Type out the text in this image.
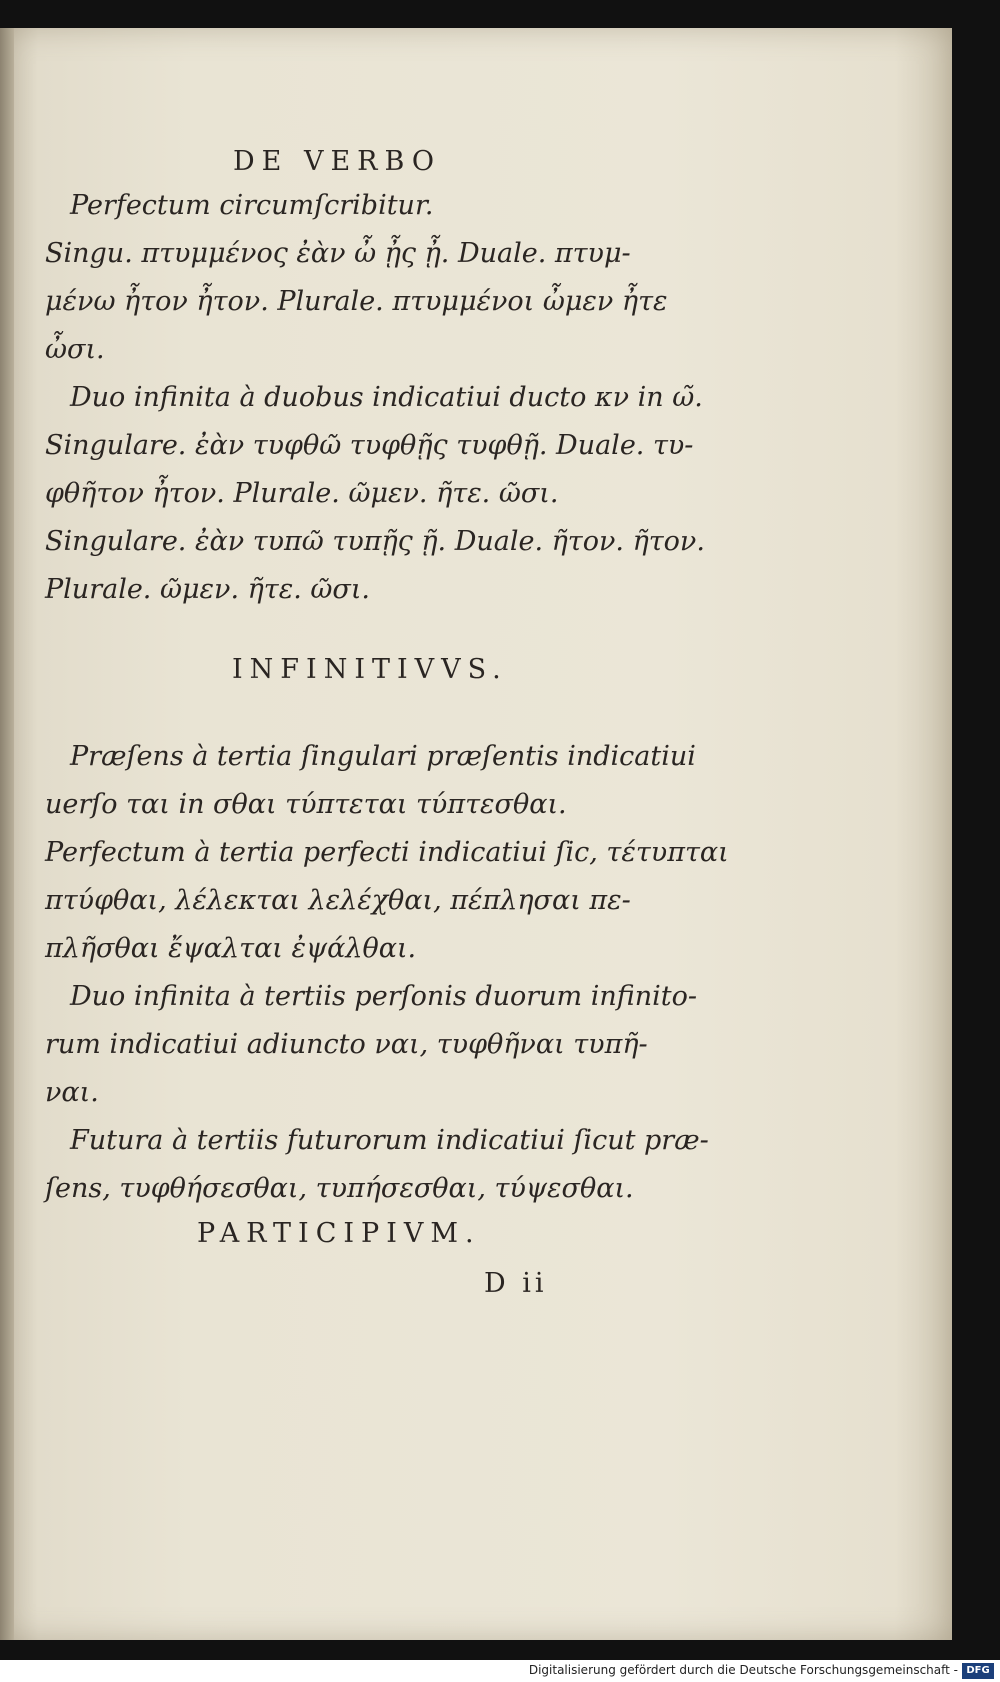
DE VERBO
Perfectum circumſcribitur.
Singu. πτυμμένος ἐὰν ὦ ᾖς ᾖ. Duale. πτυμ-
μένω ἦτον ἦτον. Plurale. πτυμμένοι ὦμεν ἦτε
ὦσι.
Duo infinita à duobus indicatiui ducto κν in ω̃.
Singulare. ἐὰν τυφθῶ τυφθῇς τυφθῇ. Duale. τυ-
φθῆτον ἦτον. Plurale. ῶμεν. ῆτε. ῶσι.
Singulare. ἐὰν τυπῶ τυπῇς ῇ. Duale. ῆτον. ῆτον.
Plurale. ῶμεν. ῆτε. ῶσι.
INFINITIVVS.
Præſens à tertia ſingulari præſentis indicatiui
uerſo ται in σθαι τύπτεται τύπτεσθαι.
Perfectum à tertia perfecti indicatiui ſic, τέτυπται
πτύφθαι, λέλεκται λελέχθαι, πέπλησαι πε-
πλῆσθαι ἔψαλται ἐψάλθαι.
Duo infinita à tertiis perſonis duorum infinito-
rum indicatiui adiuncto ναι, τυφθῆναι τυπῆ-
ναι.
Futura à tertiis futurorum indicatiui ſicut præ-
ſens, τυφθήσεσθαι, τυπήσεσθαι, τύψεσθαι.
PARTICIPIVM.
D ii
Digitalisierung gefördert durch die Deutsche Forschungsgemeinschaft - DFG
